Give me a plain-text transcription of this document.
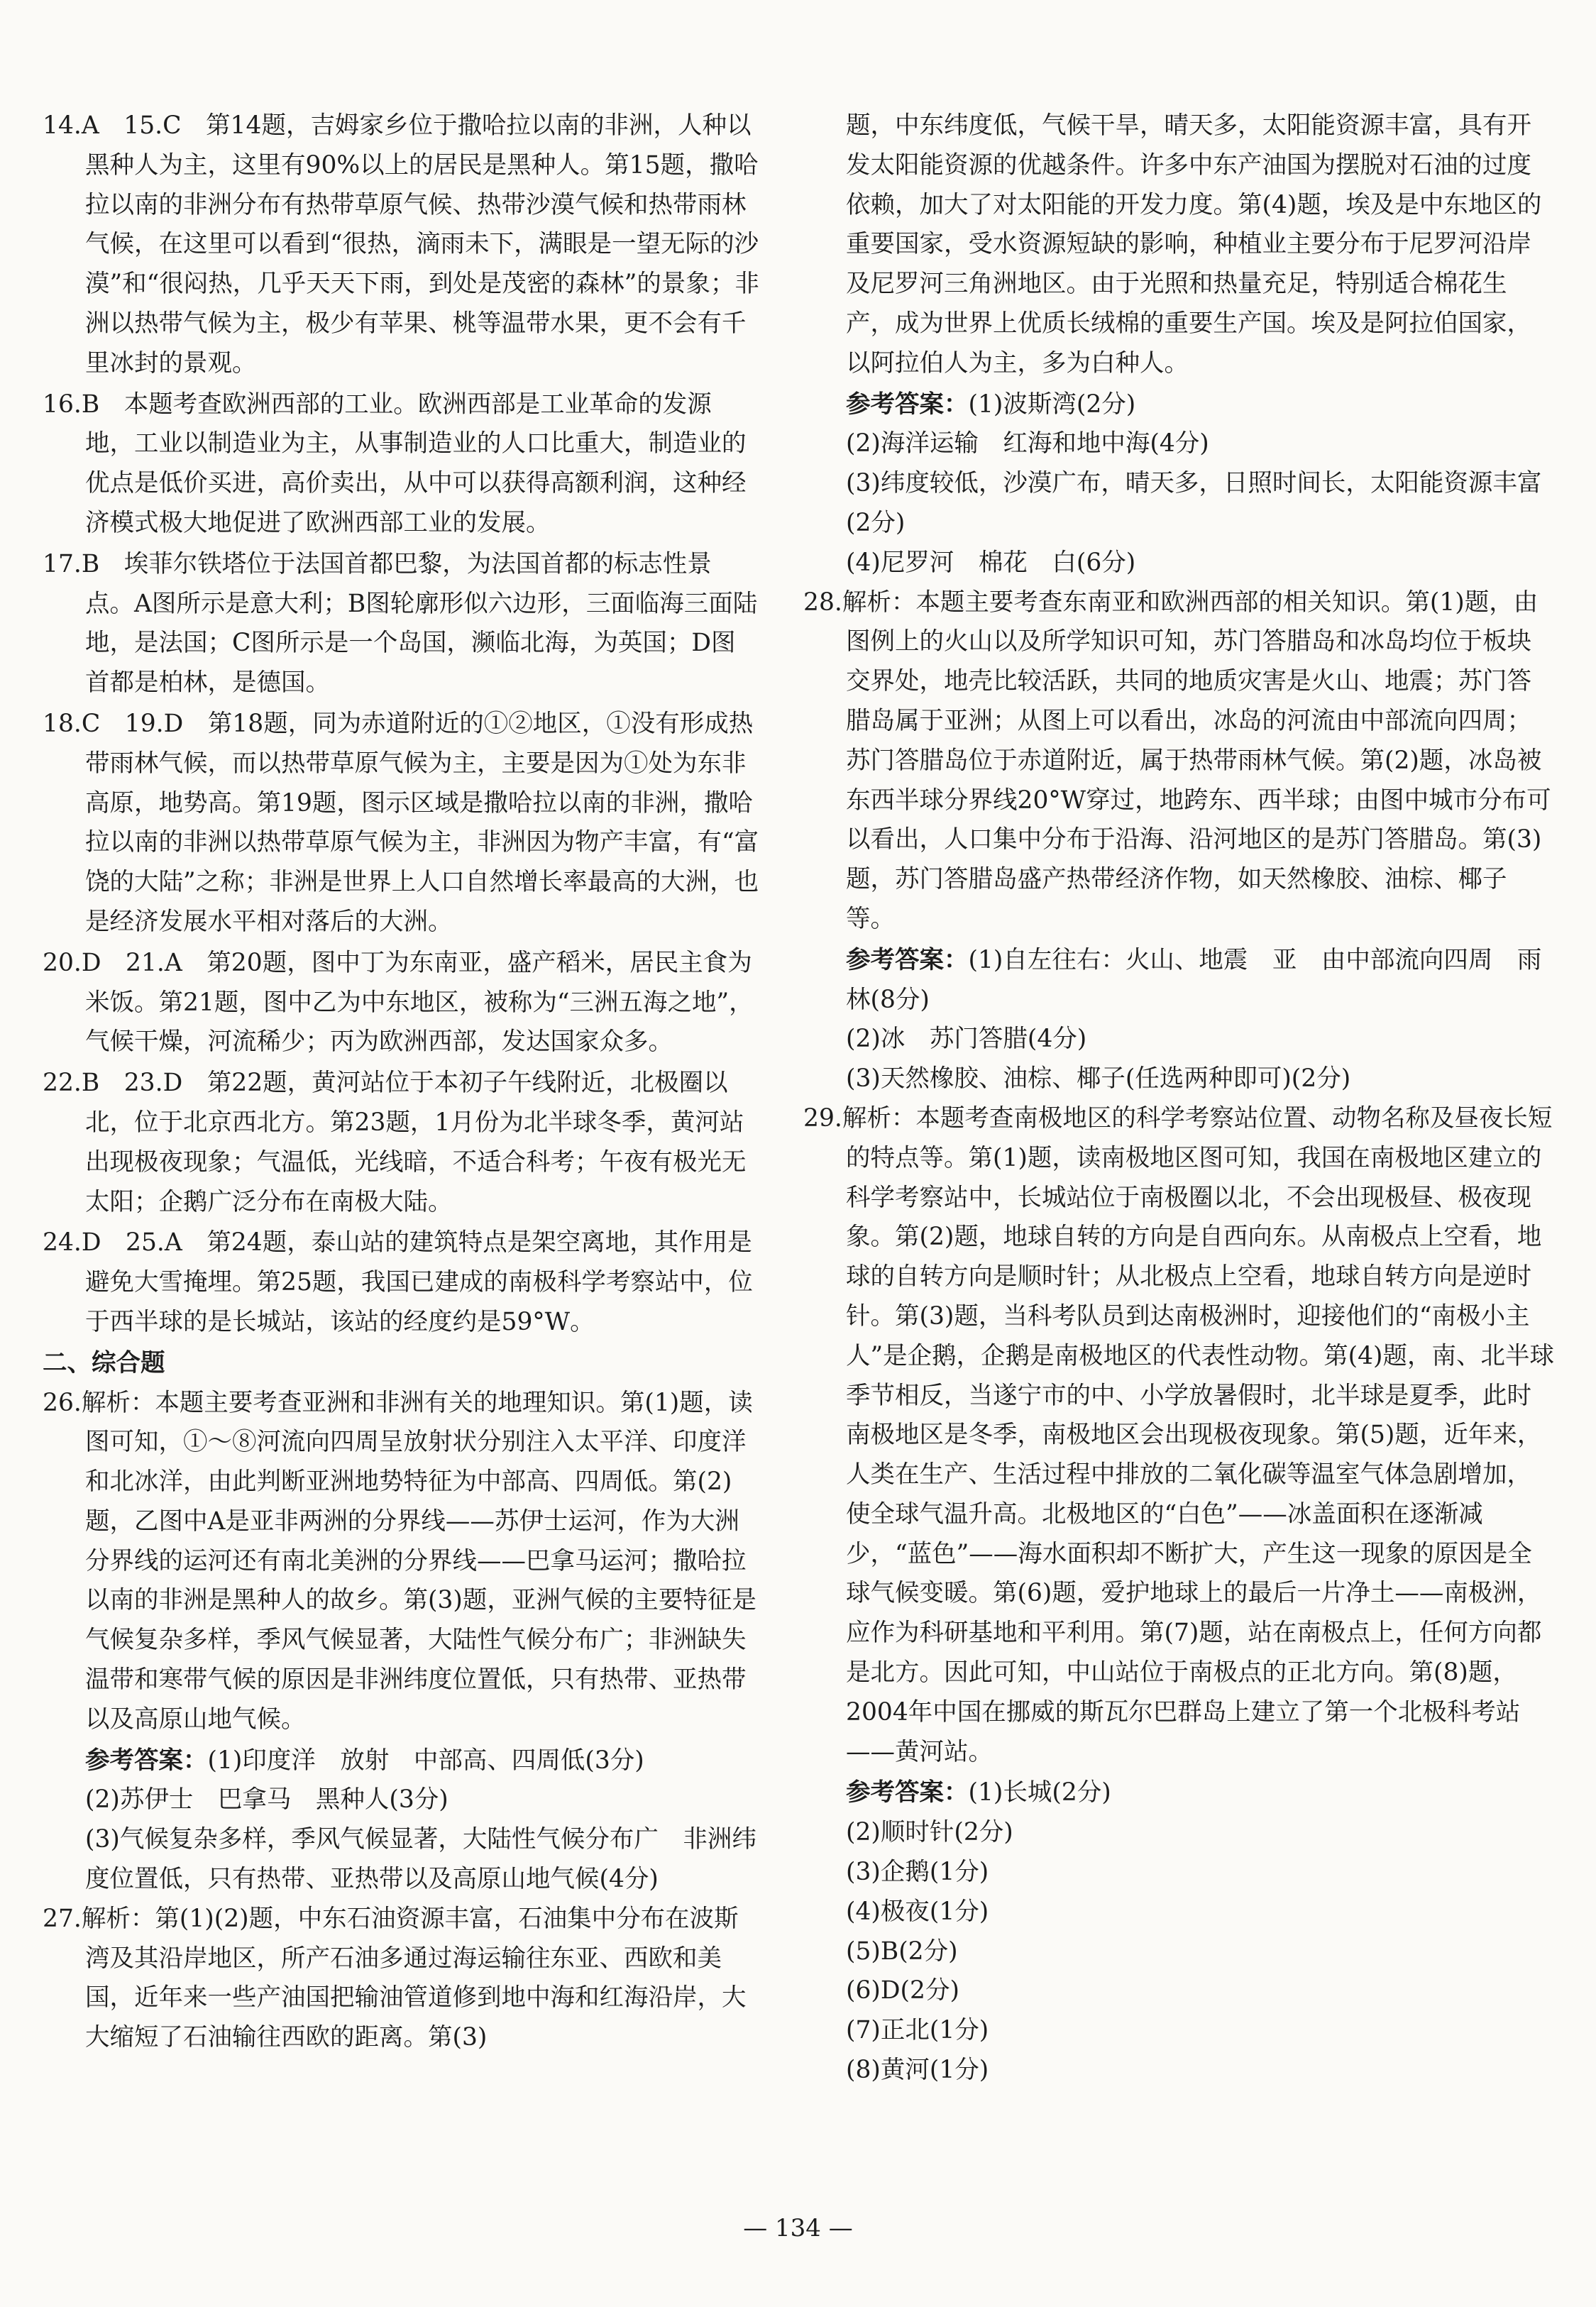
14.A　15.C　第14题，吉姆家乡位于撒哈拉以南的非洲，人种以黑种人为主，这里有90%以上的居民是黑种人。第15题，撒哈拉以南的非洲分布有热带草原气候、热带沙漠气候和热带雨林气候，在这里可以看到“很热，滴雨未下，满眼是一望无际的沙漠”和“很闷热，几乎天天下雨，到处是茂密的森林”的景象；非洲以热带气候为主，极少有苹果、桃等温带水果，更不会有千里冰封的景观。

16.B　本题考查欧洲西部的工业。欧洲西部是工业革命的发源地，工业以制造业为主，从事制造业的人口比重大，制造业的优点是低价买进，高价卖出，从中可以获得高额利润，这种经济模式极大地促进了欧洲西部工业的发展。

17.B　埃菲尔铁塔位于法国首都巴黎，为法国首都的标志性景点。A图所示是意大利；B图轮廓形似六边形，三面临海三面陆地，是法国；C图所示是一个岛国，濒临北海，为英国；D图首都是柏林，是德国。

18.C　19.D　第18题，同为赤道附近的①②地区，①没有形成热带雨林气候，而以热带草原气候为主，主要是因为①处为东非高原，地势高。第19题，图示区域是撒哈拉以南的非洲，撒哈拉以南的非洲以热带草原气候为主，非洲因为物产丰富，有“富饶的大陆”之称；非洲是世界上人口自然增长率最高的大洲，也是经济发展水平相对落后的大洲。

20.D　21.A　第20题，图中丁为东南亚，盛产稻米，居民主食为米饭。第21题，图中乙为中东地区，被称为“三洲五海之地”，气候干燥，河流稀少；丙为欧洲西部，发达国家众多。

22.B　23.D　第22题，黄河站位于本初子午线附近，北极圈以北，位于北京西北方。第23题，1月份为北半球冬季，黄河站出现极夜现象；气温低，光线暗，不适合科考；午夜有极光无太阳；企鹅广泛分布在南极大陆。

24.D　25.A　第24题，泰山站的建筑特点是架空离地，其作用是避免大雪掩埋。第25题，我国已建成的南极科学考察站中，位于西半球的是长城站，该站的经度约是59°W。

二、综合题

26.解析：本题主要考查亚洲和非洲有关的地理知识。第(1)题，读图可知，①～⑧河流向四周呈放射状分别注入太平洋、印度洋和北冰洋，由此判断亚洲地势特征为中部高、四周低。第(2)题，乙图中A是亚非两洲的分界线——苏伊士运河，作为大洲分界线的运河还有南北美洲的分界线——巴拿马运河；撒哈拉以南的非洲是黑种人的故乡。第(3)题，亚洲气候的主要特征是气候复杂多样，季风气候显著，大陆性气候分布广；非洲缺失温带和寒带气候的原因是非洲纬度位置低，只有热带、亚热带以及高原山地气候。

参考答案：(1)印度洋　放射　中部高、四周低(3分)
(2)苏伊士　巴拿马　黑种人(3分)
(3)气候复杂多样，季风气候显著，大陆性气候分布广　非洲纬度位置低，只有热带、亚热带以及高原山地气候(4分)

27.解析：第(1)(2)题，中东石油资源丰富，石油集中分布在波斯湾及其沿岸地区，所产石油多通过海运输往东亚、西欧和美国，近年来一些产油国把输油管道修到地中海和红海沿岸，大大缩短了石油输往西欧的距离。第(3)

题，中东纬度低，气候干旱，晴天多，太阳能资源丰富，具有开发太阳能资源的优越条件。许多中东产油国为摆脱对石油的过度依赖，加大了对太阳能的开发力度。第(4)题，埃及是中东地区的重要国家，受水资源短缺的影响，种植业主要分布于尼罗河沿岸及尼罗河三角洲地区。由于光照和热量充足，特别适合棉花生产，成为世界上优质长绒棉的重要生产国。埃及是阿拉伯国家，以阿拉伯人为主，多为白种人。

参考答案：(1)波斯湾(2分)
(2)海洋运输　红海和地中海(4分)
(3)纬度较低，沙漠广布，晴天多，日照时间长，太阳能资源丰富(2分)
(4)尼罗河　棉花　白(6分)

28.解析：本题主要考查东南亚和欧洲西部的相关知识。第(1)题，由图例上的火山以及所学知识可知，苏门答腊岛和冰岛均位于板块交界处，地壳比较活跃，共同的地质灾害是火山、地震；苏门答腊岛属于亚洲；从图上可以看出，冰岛的河流由中部流向四周；苏门答腊岛位于赤道附近，属于热带雨林气候。第(2)题，冰岛被东西半球分界线20°W穿过，地跨东、西半球；由图中城市分布可以看出，人口集中分布于沿海、沿河地区的是苏门答腊岛。第(3)题，苏门答腊岛盛产热带经济作物，如天然橡胶、油棕、椰子等。

参考答案：(1)自左往右：火山、地震　亚　由中部流向四周　雨林(8分)
(2)冰　苏门答腊(4分)
(3)天然橡胶、油棕、椰子(任选两种即可)(2分)

29.解析：本题考查南极地区的科学考察站位置、动物名称及昼夜长短的特点等。第(1)题，读南极地区图可知，我国在南极地区建立的科学考察站中，长城站位于南极圈以北，不会出现极昼、极夜现象。第(2)题，地球自转的方向是自西向东。从南极点上空看，地球的自转方向是顺时针；从北极点上空看，地球自转方向是逆时针。第(3)题，当科考队员到达南极洲时，迎接他们的“南极小主人”是企鹅，企鹅是南极地区的代表性动物。第(4)题，南、北半球季节相反，当遂宁市的中、小学放暑假时，北半球是夏季，此时南极地区是冬季，南极地区会出现极夜现象。第(5)题，近年来，人类在生产、生活过程中排放的二氧化碳等温室气体急剧增加，使全球气温升高。北极地区的“白色”——冰盖面积在逐渐减少，“蓝色”——海水面积却不断扩大，产生这一现象的原因是全球气候变暖。第(6)题，爱护地球上的最后一片净土——南极洲，应作为科研基地和平利用。第(7)题，站在南极点上，任何方向都是北方。因此可知，中山站位于南极点的正北方向。第(8)题，2004年中国在挪威的斯瓦尔巴群岛上建立了第一个北极科考站——黄河站。

参考答案：(1)长城(2分)
(2)顺时针(2分)
(3)企鹅(1分)
(4)极夜(1分)
(5)B(2分)
(6)D(2分)
(7)正北(1分)
(8)黄河(1分)
— 134 —
